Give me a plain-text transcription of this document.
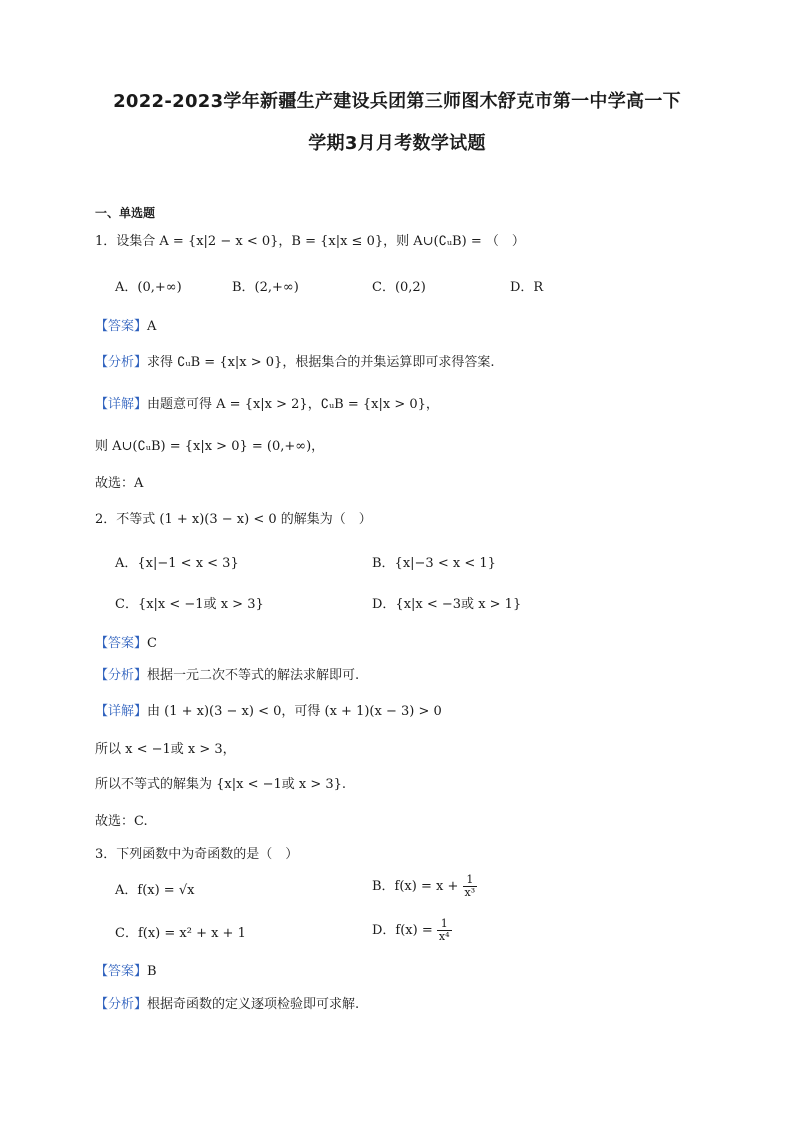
2022-2023学年新疆生产建设兵团第三师图木舒克市第一中学高一下
学期3月月考数学试题
一、单选题
1．设集合 A = {x|2 − x < 0}，B = {x|x ≤ 0}，则 A∪(∁ᵤB) = （　）
A．(0,+∞)	B．(2,+∞)	C．(0,2)	D．R
【答案】A
【分析】求得 ∁ᵤB = {x|x > 0}，根据集合的并集运算即可求得答案.
【详解】由题意可得 A = {x|x > 2}，∁ᵤB = {x|x > 0}，
则 A∪(∁ᵤB) = {x|x > 0} = (0,+∞)，
故选：A
2．不等式 (1 + x)(3 − x) < 0 的解集为（　）
A．{x|−1 < x < 3}	B．{x|−3 < x < 1}
C．{x|x < −1或 x > 3}	D．{x|x < −3或 x > 1}
【答案】C
【分析】根据一元二次不等式的解法求解即可.
【详解】由 (1 + x)(3 − x) < 0，可得 (x + 1)(x − 3) > 0
所以 x < −1或 x > 3，
所以不等式的解集为 {x|x < −1或 x > 3}.
故选：C.
3．下列函数中为奇函数的是（　）
A．f(x) = √x	B．$f(x) = x + \frac{1}{\text{x³}}$
C．f(x) = x² + x + 1	D．$f(x) = \frac{1}{\text{x⁴}}$
【答案】B
【分析】根据奇函数的定义逐项检验即可求解.
